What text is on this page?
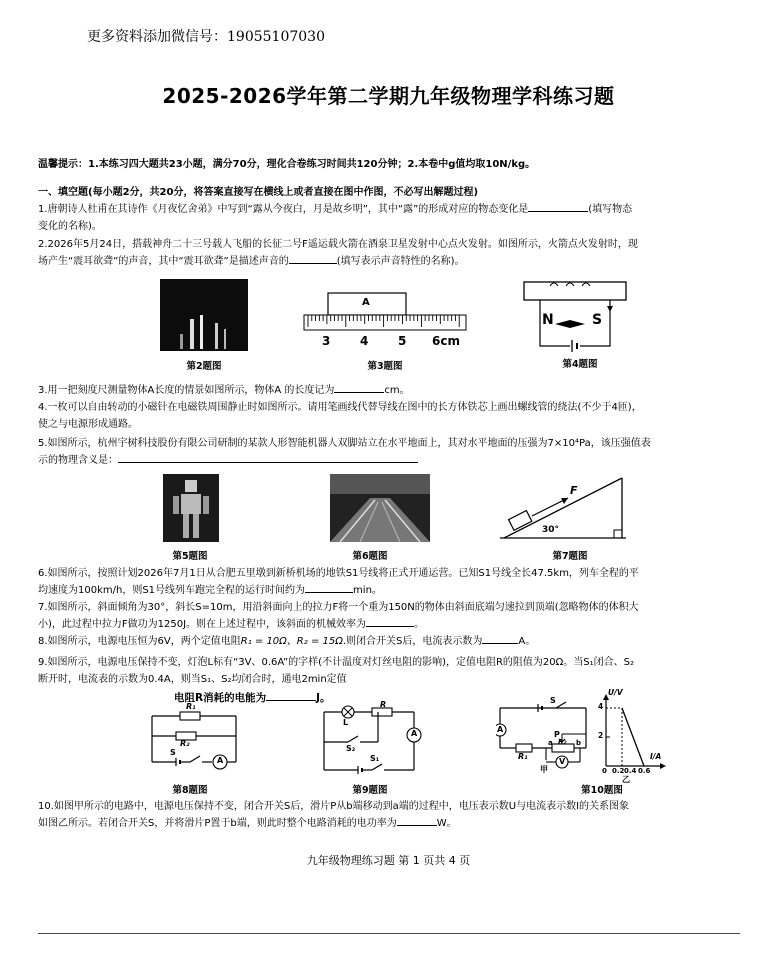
更多资料添加微信号：19055107030
2025-2026学年第二学期九年级物理学科练习题
温馨提示：1.本练习四大题共23小题，满分70分，理化合卷练习时间共120分钟；2.本卷中g值均取10N/kg。
一、填空题(每小题2分，共20分，将答案直接写在横线上或者直接在图中作图，不必写出解题过程)
1.唐朝诗人杜甫在其诗作《月夜忆舍弟》中写到“露从今夜白，月是故乡明”，其中“露”的形成对应的物态变化是	(填写物态
变化的名称)。
2.2026年5月24日，搭载神舟二十三号载人飞船的长征二号F遥运载火箭在酒泉卫星发射中心点火发射。如图所示，火箭点火发射时，现
场产生“震耳欲聋”的声音，其中“震耳欲聋”是描述声音的	(填写表示声音特性的名称)。
第2题图
A
3 4 5 6cm
第3题图
N	S
第4题图
3.用一把刻度尺测量物体A长度的情景如图所示，物体A 的长度记为	cm。
4.一枚可以自由转动的小磁针在电磁铁周围静止时如图所示。请用笔画线代替导线在图中的长方体铁芯上画出螺线管的绕法(不少于4匝)，
使之与电源形成通路。
5.如图所示，杭州宇树科技股份有限公司研制的某款人形智能机器人双脚站立在水平地面上，其对水平地面的压强为7×10⁴Pa，该压强值表
示的物理含义是：
第5题图	第6题图
F
30°
第7题图
6.如图所示，按照计划2026年7月1日从合肥五里墩到新桥机场的地铁S1号线将正式开通运营。已知S1号线全长47.5km，列车全程的平
均速度为100km/h，则S1号线列车跑完全程的运行时间约为	min。
7.如图所示，斜面倾角为30°，斜长S=10m，用沿斜面向上的拉力F将一个重为150N的物体由斜面底端匀速拉到顶端(忽略物体的体积大
小)，此过程中拉力F做功为1250J。则在上述过程中，该斜面的机械效率为	。
8.如图所示，电源电压恒为6V，两个定值电阻R₁ = 10Ω、R₂ = 15Ω.则闭合开关S后，电流表示数为	A。
9.如图所示，电源电压保持不变，灯泡L标有“3V、0.6A”的字样(不计温度对灯丝电阻的影响)，定值电阻R的阻值为20Ω。当S₁闭合、S₂
断开时，电流表的示数为0.4A，则当S₁、S₂均闭合时，通电2min定值
电阻R消耗的电能为	J。
R₁
R₂
S
A
第8题图
L
R
S₂
S₁
A
第9题图
S
A
R₁
P
R₂
a	b
V
甲
U/V
I/A
4
2
0 0.2 0.4 0.6
乙
第10题图
10.如图甲所示的电路中，电源电压保持不变，闭合开关S后，滑片P从b端移动到a端的过程中，电压表示数U与电流表示数I的关系图象
如图乙所示。若闭合开关S，并将滑片P置于b端，则此时整个电路消耗的电功率为	W。
九年级物理练习题 第 1 页共 4 页
